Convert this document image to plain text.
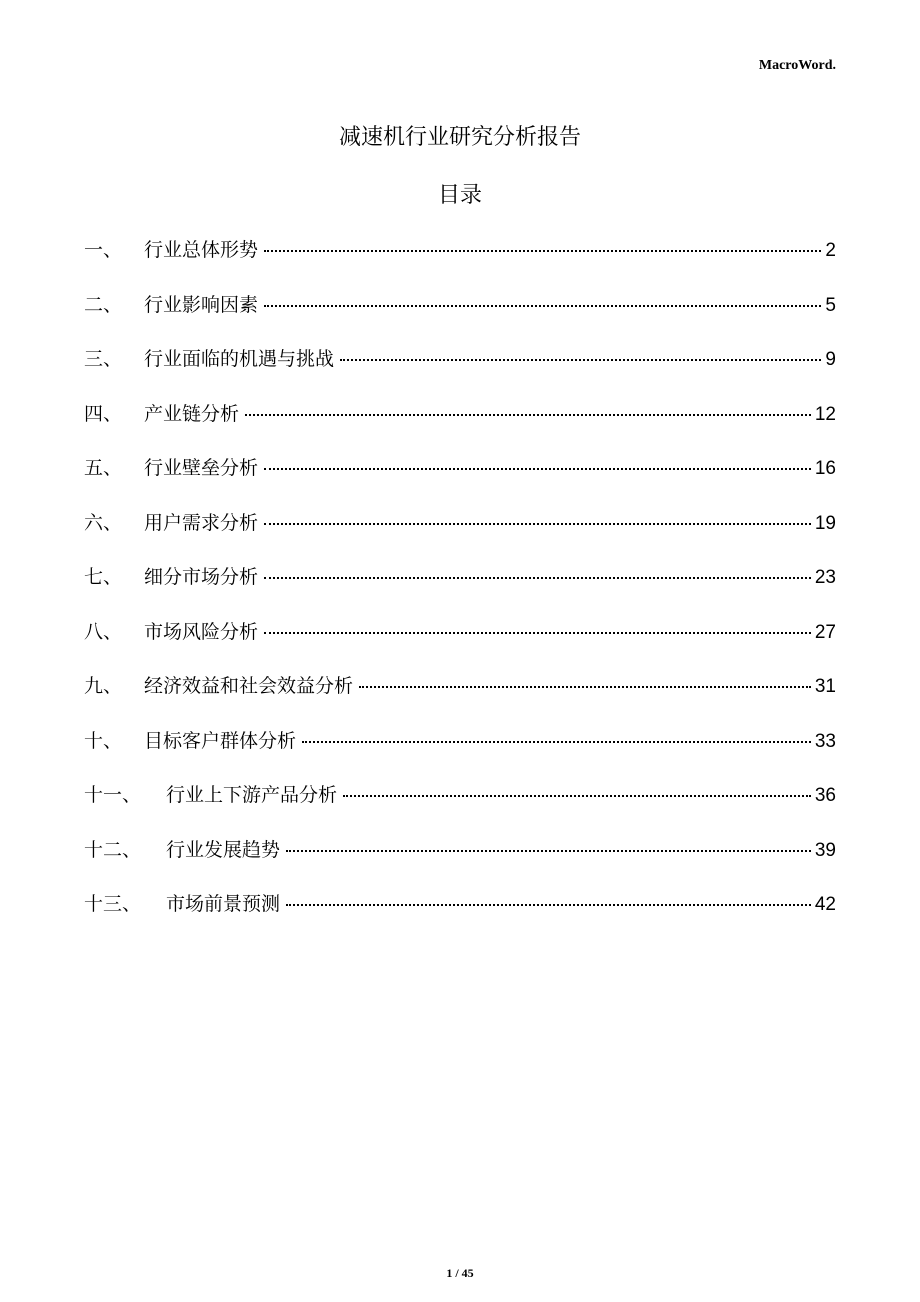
MacroWord.
减速机行业研究分析报告
目录
一、	行业总体形势	2
二、	行业影响因素	5
三、	行业面临的机遇与挑战	9
四、	产业链分析	12
五、	行业壁垒分析	16
六、	用户需求分析	19
七、	细分市场分析	23
八、	市场风险分析	27
九、	经济效益和社会效益分析	31
十、	目标客户群体分析	33
十一、	行业上下游产品分析	36
十二、	行业发展趋势	39
十三、	市场前景预测	42
1 / 45
